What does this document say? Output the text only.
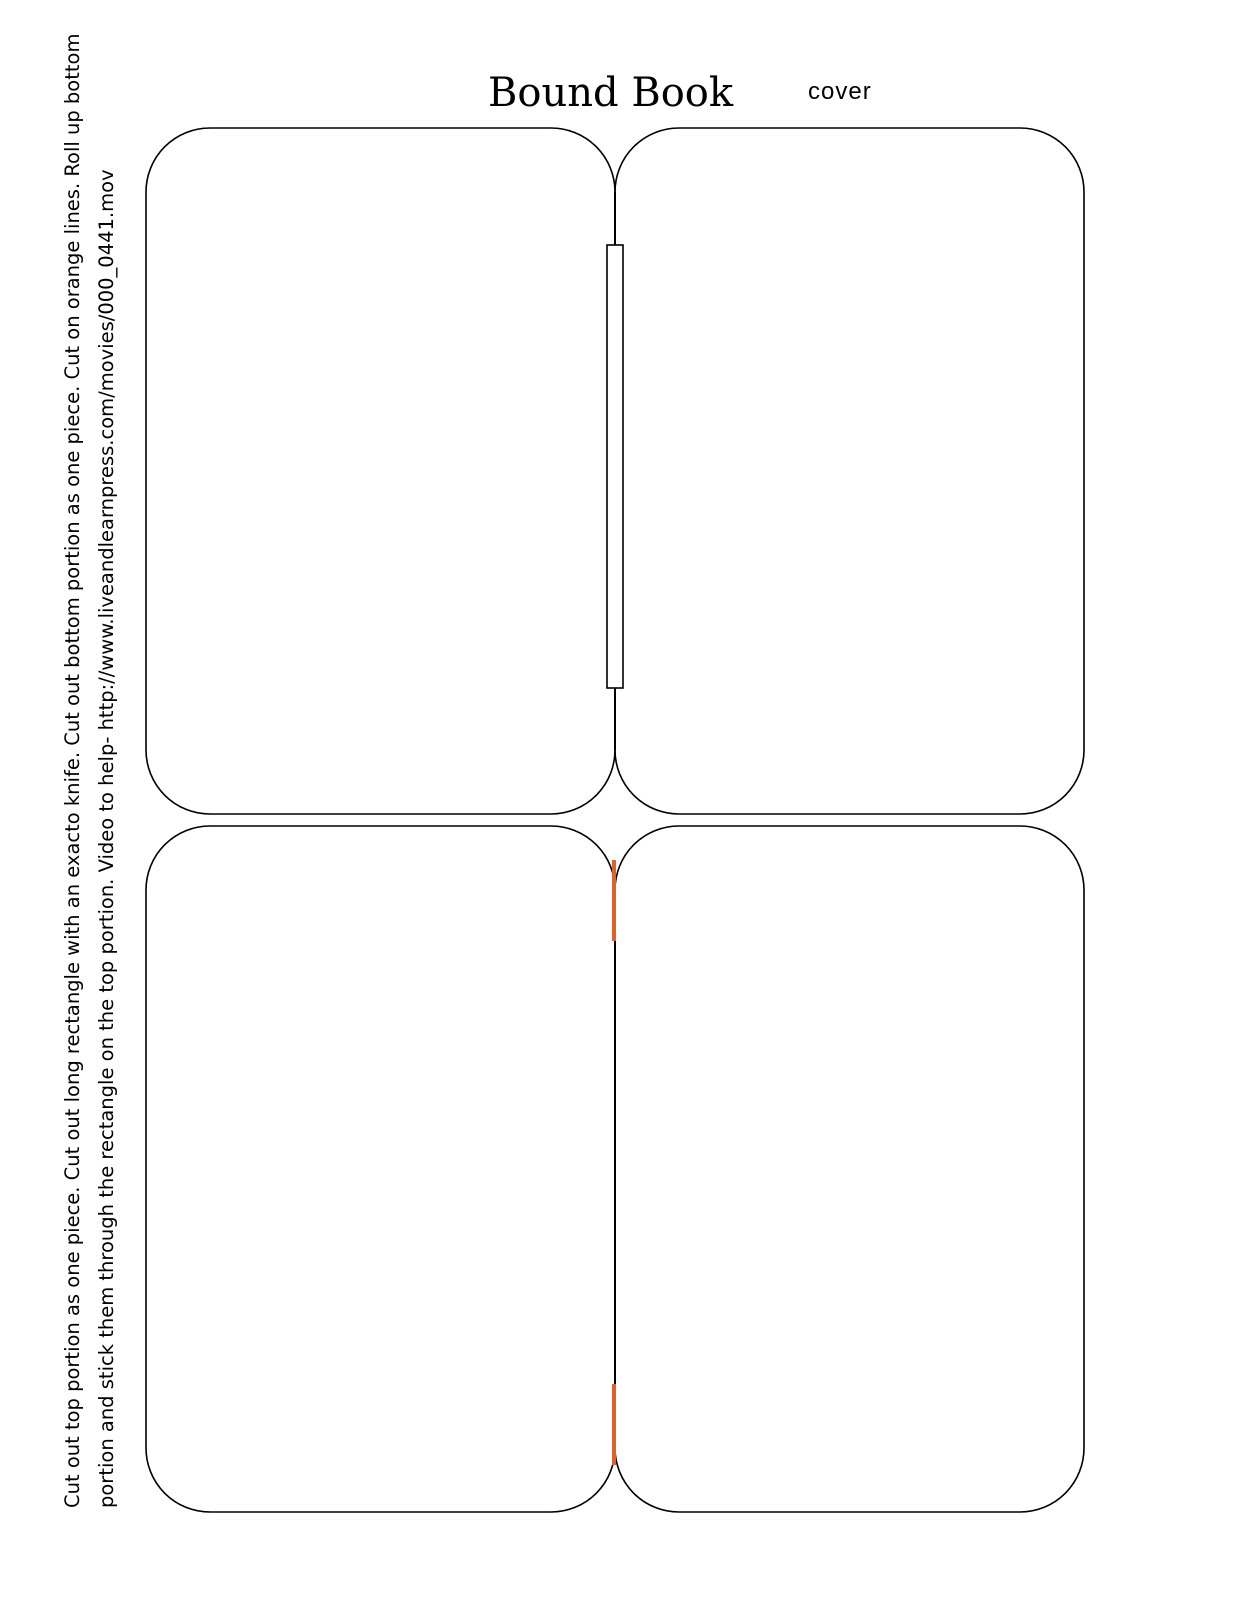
Bound Book	cover
Cut out top portion as one piece. Cut out long rectangle with an exacto knife. Cut out bottom portion as one piece. Cut on orange lines. Roll up bottom portion and stick them through the rectangle on the top portion. Video to help- http://www.liveandlearnpress.com/movies/000_0441.mov
